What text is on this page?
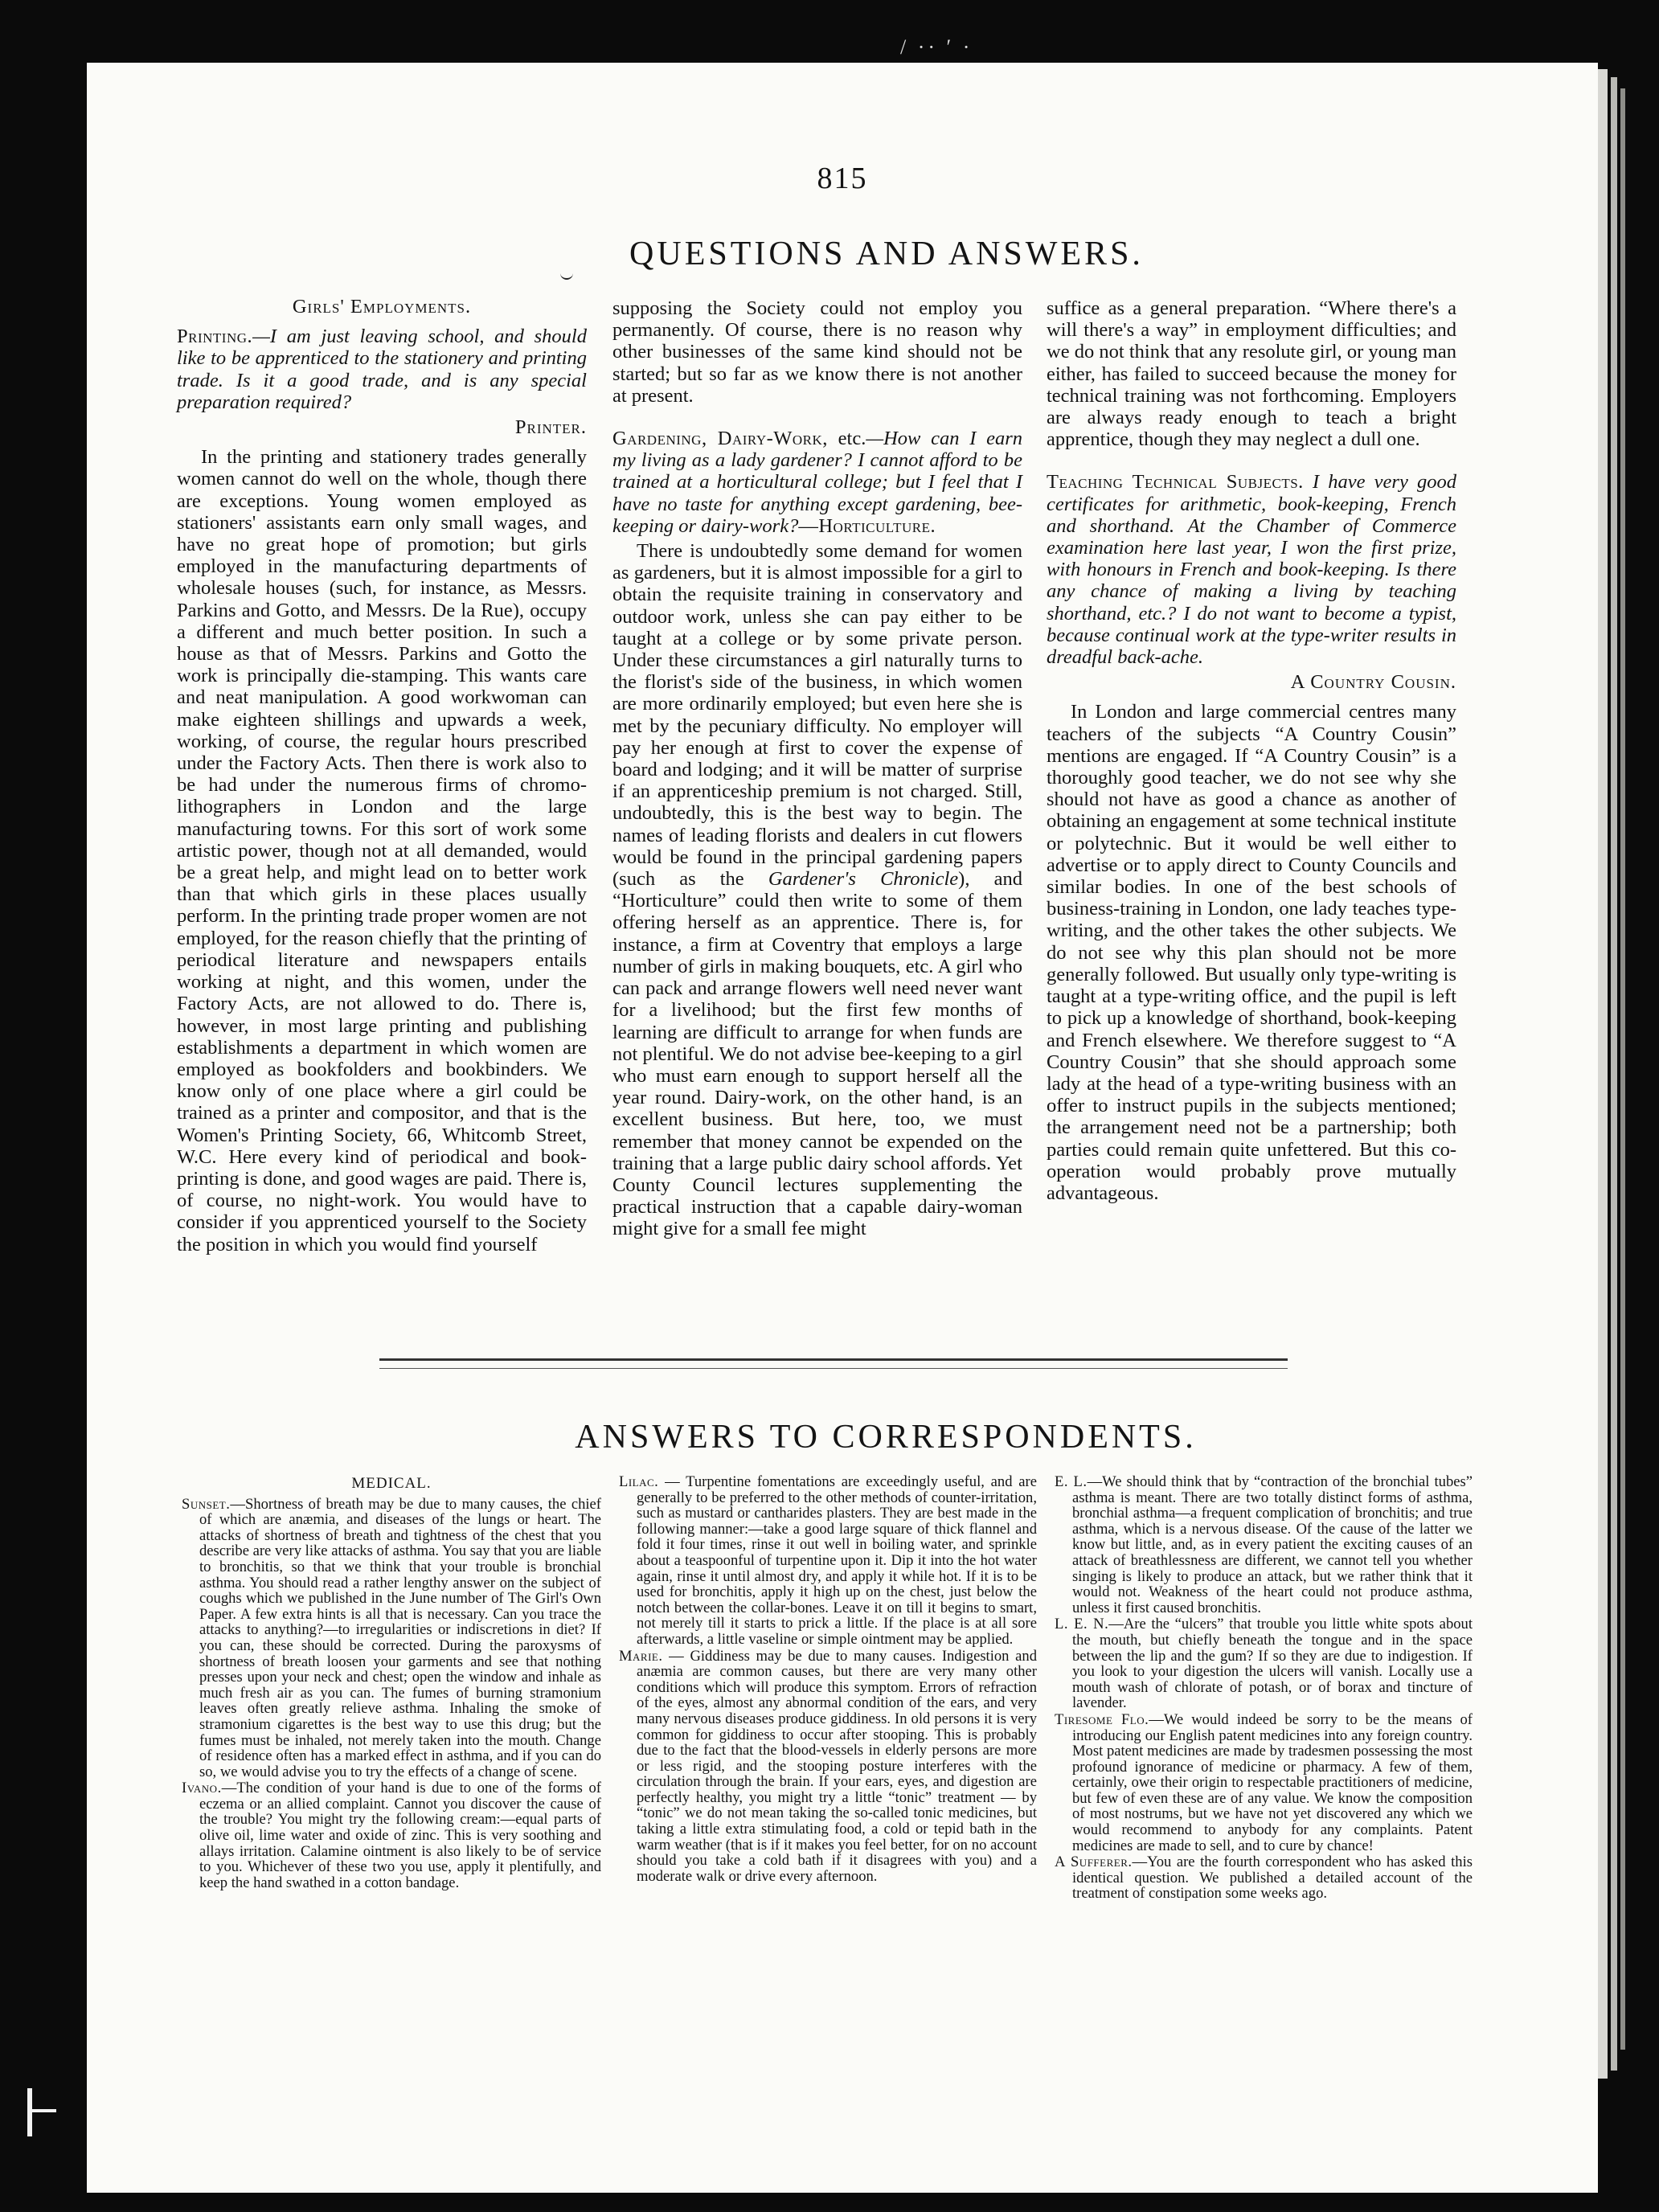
/ ·· ′ ·
815
QUESTIONS AND ANSWERS.
Girls' Employments.

Printing.—I am just leaving school, and should like to be apprenticed to the stationery and printing trade. Is it a good trade, and is any special preparation required?

Printer.

In the printing and stationery trades generally women cannot do well on the whole, though there are exceptions. Young women employed as stationers' assistants earn only small wages, and have no great hope of promotion; but girls employed in the manufacturing departments of wholesale houses (such, for instance, as Messrs. Parkins and Gotto, and Messrs. De la Rue), occupy a different and much better position. In such a house as that of Messrs. Parkins and Gotto the work is principally die-stamping. This wants care and neat manipulation. A good workwoman can make eighteen shillings and upwards a week, working, of course, the regular hours prescribed under the Factory Acts. Then there is work also to be had under the numerous firms of chromo-lithographers in London and the large manufacturing towns. For this sort of work some artistic power, though not at all demanded, would be a great help, and might lead on to better work than that which girls in these places usually perform. In the printing trade proper women are not employed, for the reason chiefly that the printing of periodical literature and newspapers entails working at night, and this women, under the Factory Acts, are not allowed to do. There is, however, in most large printing and publishing establishments a department in which women are employed as bookfolders and bookbinders. We know only of one place where a girl could be trained as a printer and compositor, and that is the Women's Printing Society, 66, Whitcomb Street, W.C. Here every kind of periodical and book-printing is done, and good wages are paid. There is, of course, no night-work. You would have to consider if you apprenticed yourself to the Society the position in which you would find yourself

supposing the Society could not employ you permanently. Of course, there is no reason why other businesses of the same kind should not be started; but so far as we know there is not another at present.

Gardening, Dairy-Work, etc.—How can I earn my living as a lady gardener? I cannot afford to be trained at a horticultural college; but I feel that I have no taste for anything except gardening, bee-keeping or dairy-work?—Horticulture.

There is undoubtedly some demand for women as gardeners, but it is almost impossible for a girl to obtain the requisite training in conservatory and outdoor work, unless she can pay either to be taught at a college or by some private person. Under these circumstances a girl naturally turns to the florist's side of the business, in which women are more ordinarily employed; but even here she is met by the pecuniary difficulty. No employer will pay her enough at first to cover the expense of board and lodging; and it will be matter of surprise if an apprenticeship premium is not charged. Still, undoubtedly, this is the best way to begin. The names of leading florists and dealers in cut flowers would be found in the principal gardening papers (such as the Gardener's Chronicle), and “Horticulture” could then write to some of them offering herself as an apprentice. There is, for instance, a firm at Coventry that employs a large number of girls in making bouquets, etc. A girl who can pack and arrange flowers well need never want for a livelihood; but the first few months of learning are difficult to arrange for when funds are not plentiful. We do not advise bee-keeping to a girl who must earn enough to support herself all the year round. Dairy-work, on the other hand, is an excellent business. But here, too, we must remember that money cannot be expended on the training that a large public dairy school affords. Yet County Council lectures supplementing the practical instruction that a capable dairy-woman might give for a small fee might

suffice as a general preparation. “Where there's a will there's a way” in employment difficulties; and we do not think that any resolute girl, or young man either, has failed to succeed because the money for technical training was not forthcoming. Employers are always ready enough to teach a bright apprentice, though they may neglect a dull one.

Teaching Technical Subjects. I have very good certificates for arithmetic, book-keeping, French and shorthand. At the Chamber of Commerce examination here last year, I won the first prize, with honours in French and book-keeping. Is there any chance of making a living by teaching shorthand, etc.? I do not want to become a typist, because continual work at the type-writer results in dreadful back-ache.

A Country Cousin.

In London and large commercial centres many teachers of the subjects “A Country Cousin” mentions are engaged. If “A Country Cousin” is a thoroughly good teacher, we do not see why she should not have as good a chance as another of obtaining an engagement at some technical institute or polytechnic. But it would be well either to advertise or to apply direct to County Councils and similar bodies. In one of the best schools of business-training in London, one lady teaches type-writing, and the other takes the other subjects. We do not see why this plan should not be more generally followed. But usually only type-writing is taught at a type-writing office, and the pupil is left to pick up a knowledge of shorthand, book-keeping and French elsewhere. We therefore suggest to “A Country Cousin” that she should approach some lady at the head of a type-writing business with an offer to instruct pupils in the subjects mentioned; the arrangement need not be a partnership; both parties could remain quite unfettered. But this co-operation would probably prove mutually advantageous.

ANSWERS TO CORRESPONDENTS.
MEDICAL.

Sunset.—Shortness of breath may be due to many causes, the chief of which are anæmia, and diseases of the lungs or heart. The attacks of shortness of breath and tightness of the chest that you describe are very like attacks of asthma. You say that you are liable to bronchitis, so that we think that your trouble is bronchial asthma. You should read a rather lengthy answer on the subject of coughs which we published in the June number of The Girl's Own Paper. A few extra hints is all that is necessary. Can you trace the attacks to anything?—to irregularities or indiscretions in diet? If you can, these should be corrected. During the paroxysms of shortness of breath loosen your garments and see that nothing presses upon your neck and chest; open the window and inhale as much fresh air as you can. The fumes of burning stramonium leaves often greatly relieve asthma. Inhaling the smoke of stramonium cigarettes is the best way to use this drug; but the fumes must be inhaled, not merely taken into the mouth. Change of residence often has a marked effect in asthma, and if you can do so, we would advise you to try the effects of a change of scene.

Ivano.—The condition of your hand is due to one of the forms of eczema or an allied complaint. Cannot you discover the cause of the trouble? You might try the following cream:—equal parts of olive oil, lime water and oxide of zinc. This is very soothing and allays irritation. Calamine ointment is also likely to be of service to you. Whichever of these two you use, apply it plentifully, and keep the hand swathed in a cotton bandage.

Lilac. — Turpentine fomentations are exceedingly useful, and are generally to be preferred to the other methods of counter-irritation, such as mustard or cantharides plasters. They are best made in the following manner:—take a good large square of thick flannel and fold it four times, rinse it out well in boiling water, and sprinkle about a teaspoonful of turpentine upon it. Dip it into the hot water again, rinse it until almost dry, and apply it while hot. If it is to be used for bronchitis, apply it high up on the chest, just below the notch between the collar-bones. Leave it on till it begins to smart, not merely till it starts to prick a little. If the place is at all sore afterwards, a little vaseline or simple ointment may be applied.

Marie. — Giddiness may be due to many causes. Indigestion and anæmia are common causes, but there are very many other conditions which will produce this symptom. Errors of refraction of the eyes, almost any abnormal condition of the ears, and very many nervous diseases produce giddiness. In old persons it is very common for giddiness to occur after stooping. This is probably due to the fact that the blood-vessels in elderly persons are more or less rigid, and the stooping posture interferes with the circulation through the brain. If your ears, eyes, and digestion are perfectly healthy, you might try a little “tonic” treatment — by “tonic” we do not mean taking the so-called tonic medicines, but taking a little extra stimulating food, a cold or tepid bath in the warm weather (that is if it makes you feel better, for on no account should you take a cold bath if it disagrees with you) and a moderate walk or drive every afternoon.

E. L.—We should think that by “contraction of the bronchial tubes” asthma is meant. There are two totally distinct forms of asthma, bronchial asthma—a frequent complication of bronchitis; and true asthma, which is a nervous disease. Of the cause of the latter we know but little, and, as in every patient the exciting causes of an attack of breathlessness are different, we cannot tell you whether singing is likely to produce an attack, but we rather think that it would not. Weakness of the heart could not produce asthma, unless it first caused bronchitis.

L. E. N.—Are the “ulcers” that trouble you little white spots about the mouth, but chiefly beneath the tongue and in the space between the lip and the gum? If so they are due to indigestion. If you look to your digestion the ulcers will vanish. Locally use a mouth wash of chlorate of potash, or of borax and tincture of lavender.

Tiresome Flo.—We would indeed be sorry to be the means of introducing our English patent medicines into any foreign country. Most patent medicines are made by tradesmen possessing the most profound ignorance of medicine or pharmacy. A few of them, certainly, owe their origin to respectable practitioners of medicine, but few of even these are of any value. We know the composition of most nostrums, but we have not yet discovered any which we would recommend to anybody for any complaints. Patent medicines are made to sell, and to cure by chance!

A Sufferer.—You are the fourth correspondent who has asked this identical question. We published a detailed account of the treatment of constipation some weeks ago.
